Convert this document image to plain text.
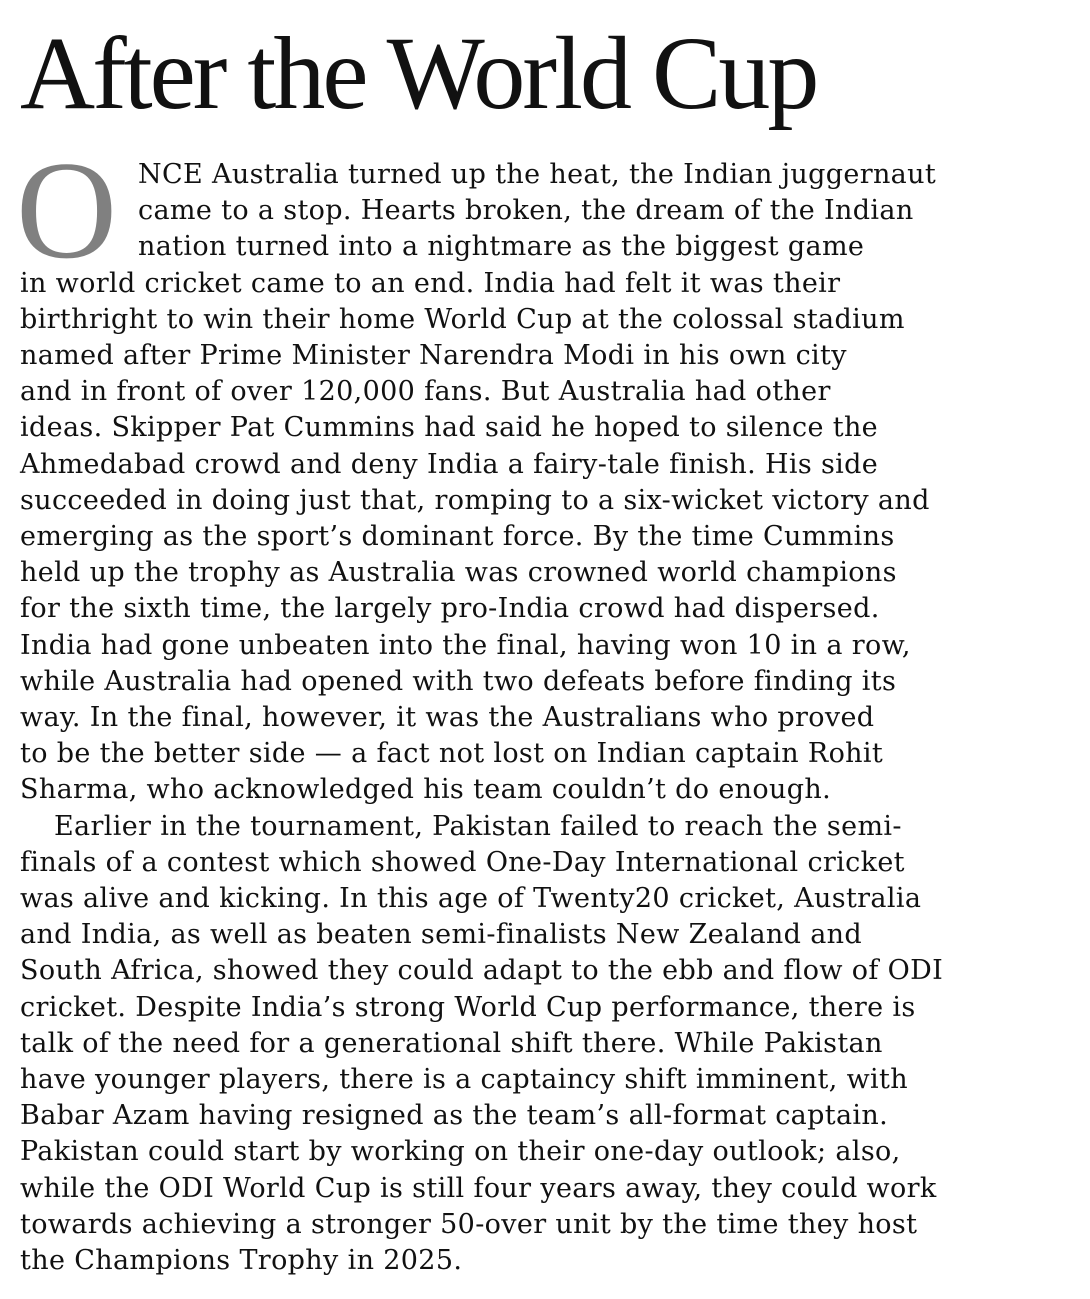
After the World Cup
O NCE Australia turned up the heat, the Indian juggernaut
came to a stop. Hearts broken, the dream of the Indian
nation turned into a nightmare as the biggest game
in world cricket came to an end. India had felt it was their
birthright to win their home World Cup at the colossal stadium
named after Prime Minister Narendra Modi in his own city
and in front of over 120,000 fans. But Australia had other
ideas. Skipper Pat Cummins had said he hoped to silence the
Ahmedabad crowd and deny India a fairy-tale finish. His side
succeeded in doing just that, romping to a six-wicket victory and
emerging as the sport’s dominant force. By the time Cummins
held up the trophy as Australia was crowned world champions
for the sixth time, the largely pro-India crowd had dispersed.
India had gone unbeaten into the final, having won 10 in a row,
while Australia had opened with two defeats before finding its
way. In the final, however, it was the Australians who proved
to be the better side — a fact not lost on Indian captain Rohit
Sharma, who acknowledged his team couldn’t do enough.
Earlier in the tournament, Pakistan failed to reach the semi-
finals of a contest which showed One-Day International cricket
was alive and kicking. In this age of Twenty20 cricket, Australia
and India, as well as beaten semi-finalists New Zealand and
South Africa, showed they could adapt to the ebb and flow of ODI
cricket. Despite India’s strong World Cup performance, there is
talk of the need for a generational shift there. While Pakistan
have younger players, there is a captaincy shift imminent, with
Babar Azam having resigned as the team’s all-format captain.
Pakistan could start by working on their one-day outlook; also,
while the ODI World Cup is still four years away, they could work
towards achieving a stronger 50-over unit by the time they host
the Champions Trophy in 2025.
